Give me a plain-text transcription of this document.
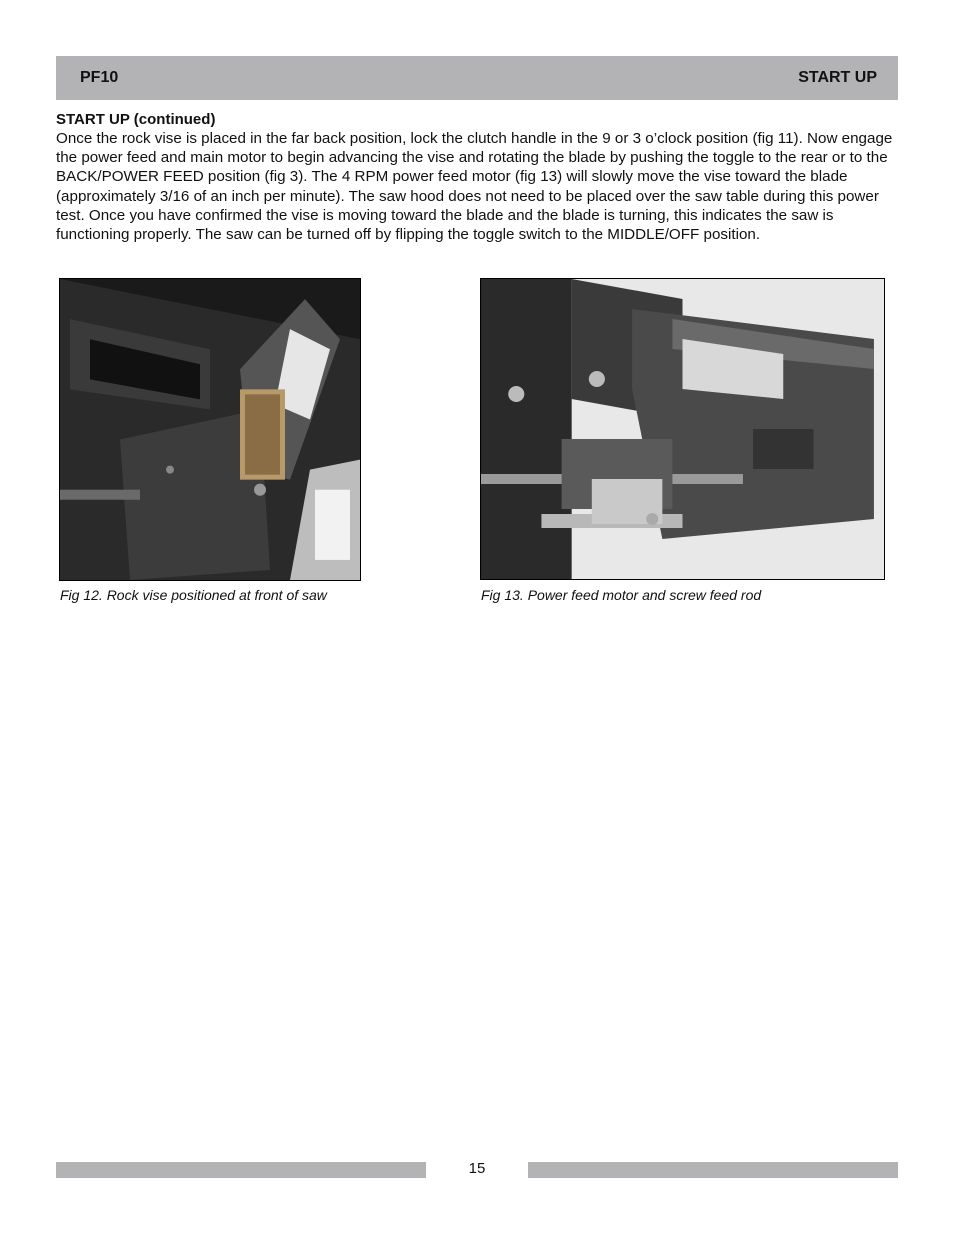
PF10	START UP
START UP (continued)

Once the rock vise is placed in the far back position, lock the clutch handle in the 9 or 3 o’clock position (fig 11). Now engage the power feed and main motor to begin advancing the vise and rotating the blade by pushing the toggle to the rear or to the BACK/POWER FEED position (fig 3). The 4 RPM power feed motor (fig 13) will slowly move the vise toward the blade (approximately 3/16 of an inch per minute). The saw hood does not need to be placed over the saw table during this power test. Once you have confirmed the vise is moving toward the blade and the blade is turning, this indicates the saw is functioning properly. The saw can be turned off by flipping the toggle switch to the MIDDLE/OFF position.

Fig 12. Rock vise positioned at front of saw	Fig 13. Power feed motor and screw feed rod
15
